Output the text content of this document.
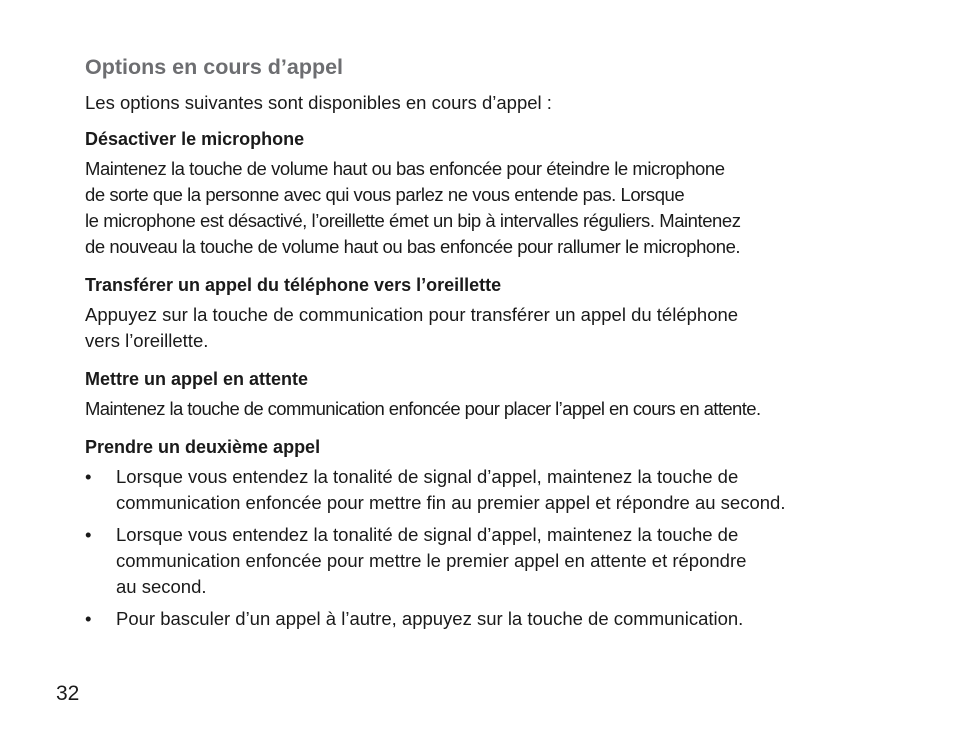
Options en cours d’appel

Les options suivantes sont disponibles en cours d’appel :

Désactiver le microphone

Maintenez la touche de volume haut ou bas enfoncée pour éteindre le microphone
de sorte que la personne avec qui vous parlez ne vous entende pas. Lorsque
le microphone est désactivé, l’oreillette émet un bip à intervalles réguliers. Maintenez
de nouveau la touche de volume haut ou bas enfoncée pour rallumer le microphone.

Transférer un appel du téléphone vers l’oreillette

Appuyez sur la touche de communication pour transférer un appel du téléphone
vers l’oreillette.

Mettre un appel en attente

Maintenez la touche de communication enfoncée pour placer l’appel en cours en attente.

Prendre un deuxième appel
• Lorsque vous entendez la tonalité de signal d’appel, maintenez la touche de
communication enfoncée pour mettre fin au premier appel et répondre au second.
• Lorsque vous entendez la tonalité de signal d’appel, maintenez la touche de
communication enfoncée pour mettre le premier appel en attente et répondre
au second.
• Pour basculer d’un appel à l’autre, appuyez sur la touche de communication.
32
